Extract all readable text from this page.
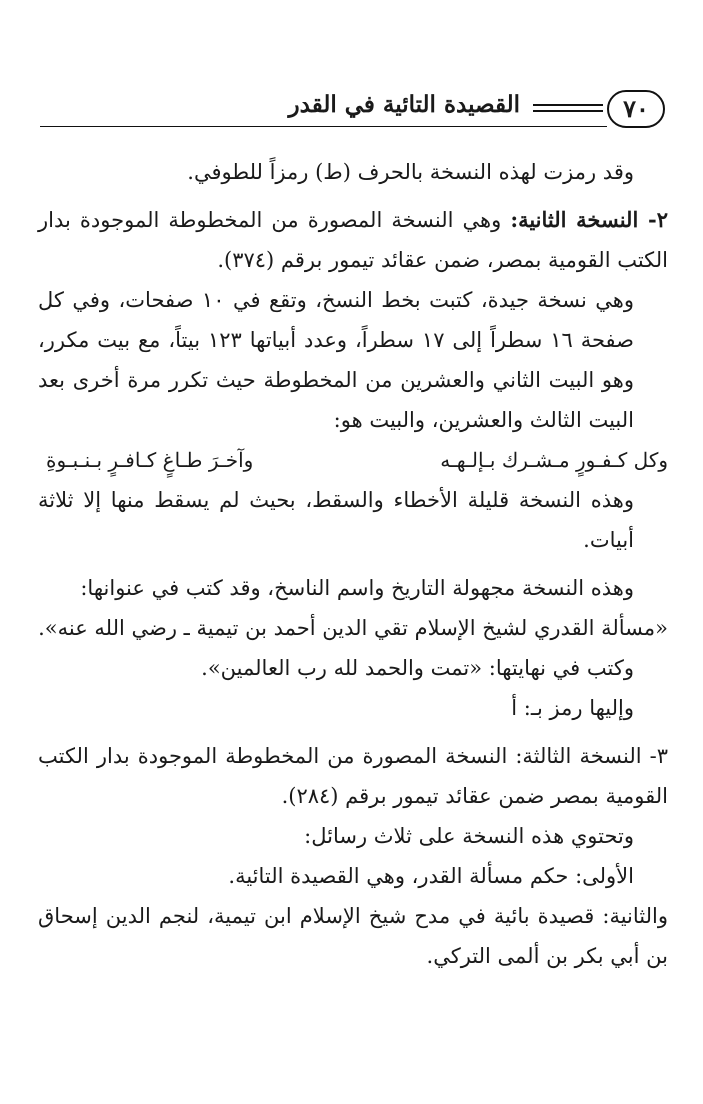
٧٠
القصيدة التائية في القدر

وقد رمزت لهذه النسخة بالحرف (ط) رمزاً للطوفي.

٢- النسخة الثانية: وهي النسخة المصورة من المخطوطة الموجودة بدار الكتب القومية بمصر، ضمن عقائد تيمور برقم (٣٧٤).

وهي نسخة جيدة، كتبت بخط النسخ، وتقع في ١٠ صفحات، وفي كل صفحة ١٦ سطراً إلى ١٧ سطراً، وعدد أبياتها ١٢٣ بيتاً، مع بيت مكرر، وهو البيت الثاني والعشرين من المخطوطة حيث تكرر مرة أخرى بعد البيت الثالث والعشرين، والبيت هو:

وكل كـفـورٍ مـشـرك بـإلـهـه
وآخـرَ طـاغٍ كـافـرٍ بـنـبـوةِ

وهذه النسخة قليلة الأخطاء والسقط، بحيث لم يسقط منها إلا ثلاثة أبيات.

وهذه النسخة مجهولة التاريخ واسم الناسخ، وقد كتب في عنوانها:

«مسألة القدري لشيخ الإسلام تقي الدين أحمد بن تيمية ـ رضي الله عنه».

وكتب في نهايتها: «تمت والحمد لله رب العالمين».

وإليها رمز بـ: أ

٣- النسخة الثالثة: النسخة المصورة من المخطوطة الموجودة بدار الكتب القومية بمصر ضمن عقائد تيمور برقم (٢٨٤).

وتحتوي هذه النسخة على ثلاث رسائل:

الأولى: حكم مسألة القدر، وهي القصيدة التائية.

والثانية: قصيدة بائية في مدح شيخ الإسلام ابن تيمية، لنجم الدين إسحاق بن أبي بكر بن ألمى التركي.
